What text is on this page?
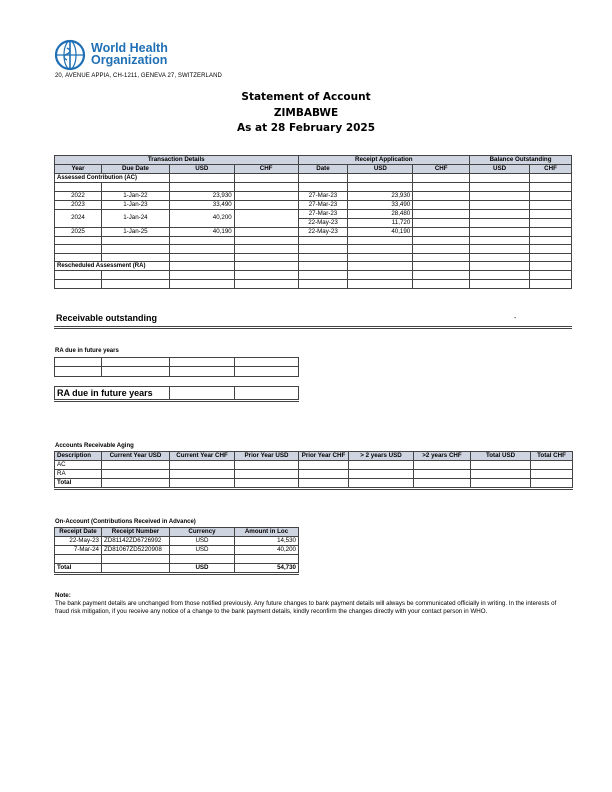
World Health
Organization
20, AVENUE APPIA, CH-1211, GENEVA 27, SWITZERLAND
Statement of Account
ZIMBABWE
As at 28 February 2025
Transaction Details				Receipt Application			Balance Outstanding	
Year	Due Date	USD	CHF	Date	USD	CHF	USD	CHF
Assessed Contribution (AC)								

2022	1-Jan-22	23,930		27-Mar-23	23,930			
2023	1-Jan-23	33,490		27-Mar-23	33,490			
2024	1-Jan-24	40,200		27-Mar-23	28,480			
				22-May-23	11,720			
2025	1-Jan-25	40,190		22-May-23	40,190			

Rescheduled Assessment (RA)								

Receivable outstanding	-
RA due in future years

RA due in future years		
Accounts Receivable Aging
Description	Current Year USD	Current Year CHF	Prior Year USD	Prior Year CHF	> 2 years USD	>2 years CHF	Total USD	Total CHF
AC								
RA								
Total								
On-Account (Contributions Received in Advance)
Receipt Date	Receipt Number	Currency	Amount in Loc
22-May-23	ZD81142ZD6726992	USD	14,530
7-Mar-24	ZD81067ZD5220908	USD	40,200

Total		USD	54,730
Note:
The bank payment details are unchanged from those notified previously. Any future changes to bank payment details will always be communicated officially in writing. In the interests of fraud risk mitigation, if you receive any notice of a change to the bank payment details, kindly reconfirm the changes directly with your contact person in WHO.
